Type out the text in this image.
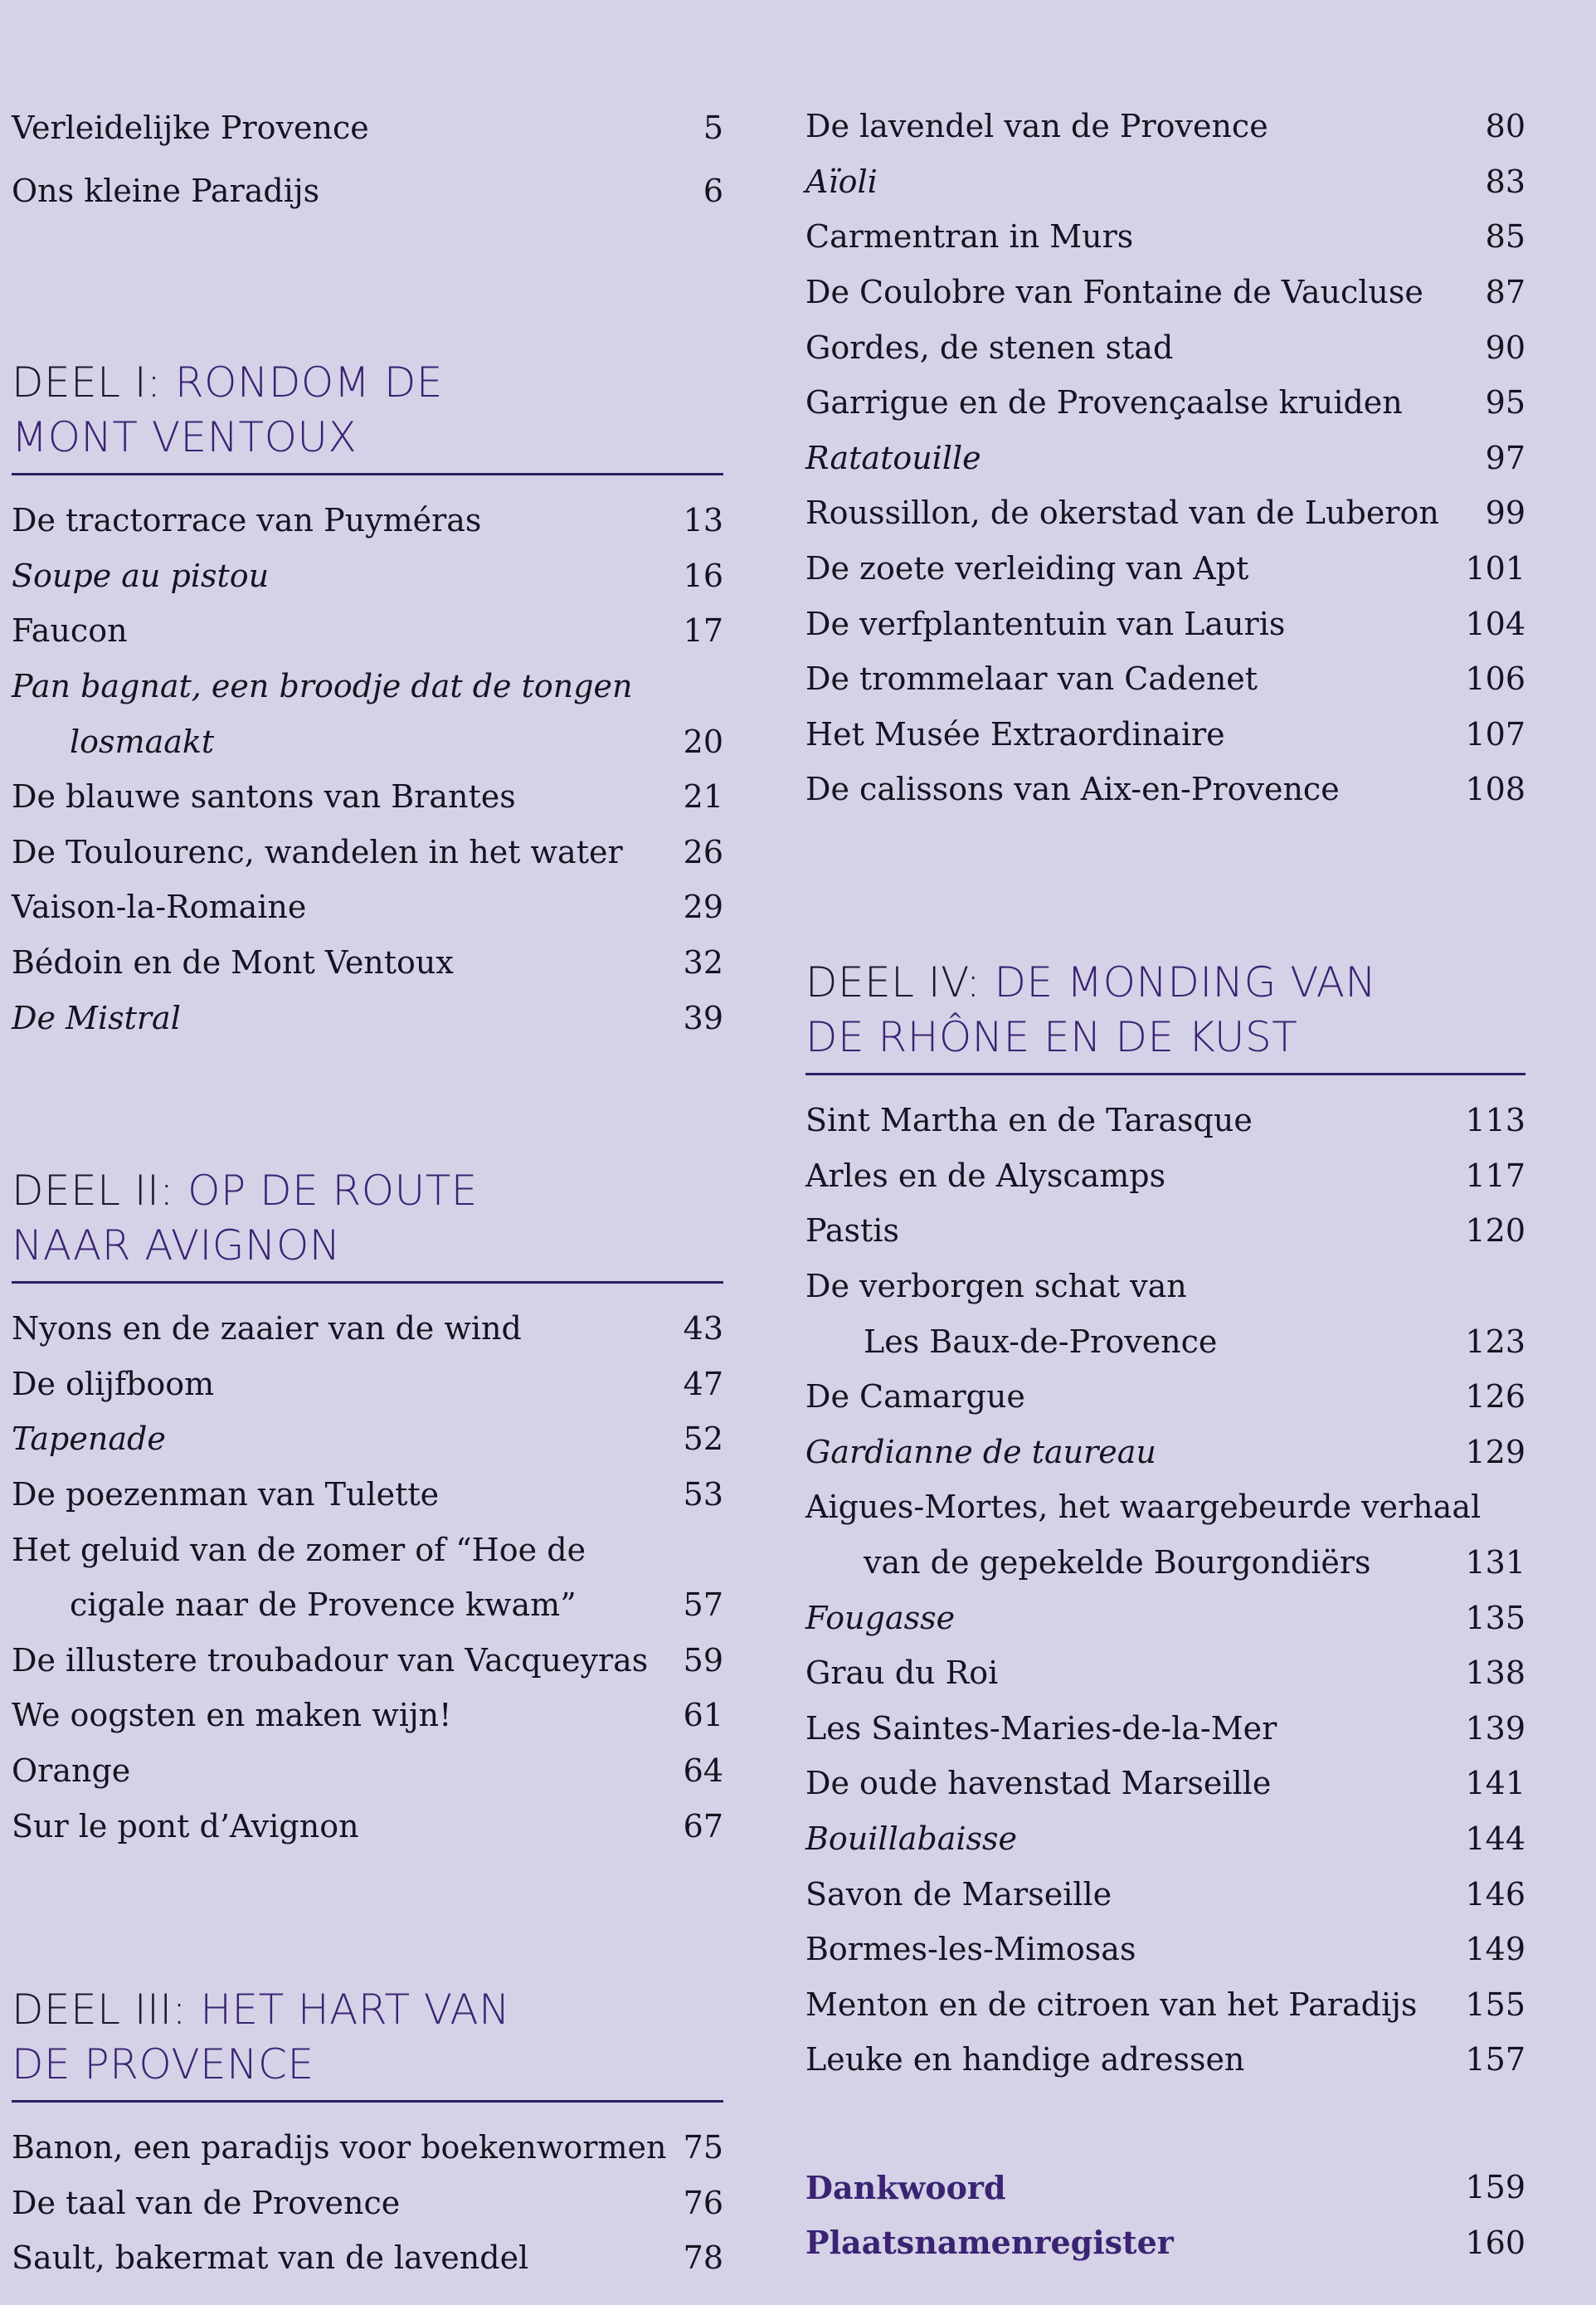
Verleidelijke Provence	5
Ons kleine Paradijs	6
DEEL I: RONDOM DE
MONT VENTOUX
De tractorrace van Puyméras	13
Soupe au pistou	16
Faucon	17
Pan bagnat, een broodje dat de tongen
losmaakt	20
De blauwe santons van Brantes	21
De Toulourenc, wandelen in het water 26
Vaison-la-Romaine	29
Bédoin en de Mont Ventoux	32
De Mistral	39
DEEL II: OP DE ROUTE
NAAR AVIGNON
Nyons en de zaaier van de wind	43
De olijfboom	47
Tapenade	52
De poezenman van Tulette	53
Het geluid van de zomer of “Hoe de
cigale naar de Provence kwam”	57
De illustere troubadour van Vacqueyras 59
We oogsten en maken wijn!	61
Orange	64
Sur le pont d’Avignon	67
DEEL III: HET HART VAN
DE PROVENCE
Banon, een paradijs voor boekenwormen 75
De taal van de Provence	76
Sault, bakermat van de lavendel	78
De lavendel van de Provence	80
Aïoli	83
Carmentran in Murs	85
De Coulobre van Fontaine de Vaucluse 87
Gordes, de stenen stad	90
Garrigue en de Provençaalse kruiden	95
Ratatouille	97
Roussillon, de okerstad van de Luberon 99
De zoete verleiding van Apt	101
De verfplantentuin van Lauris	104
De trommelaar van Cadenet	106
Het Musée Extraordinaire	107
De calissons van Aix-en-Provence	108
DEEL IV: DE MONDING VAN
DE RHÔNE EN DE KUST
Sint Martha en de Tarasque	113
Arles en de Alyscamps	117
Pastis	120
De verborgen schat van
Les Baux-de-Provence	123
De Camargue	126
Gardianne de taureau	129
Aigues-Mortes, het waargebeurde verhaal
van de gepekelde Bourgondiërs	131
Fougasse	135
Grau du Roi	138
Les Saintes-Maries-de-la-Mer	139
De oude havenstad Marseille	141
Bouillabaisse	144
Savon de Marseille	146
Bormes-les-Mimosas	149
Menton en de citroen van het Paradijs 155
Leuke en handige adressen	157
Dankwoord	159
Plaatsnamenregister	160
